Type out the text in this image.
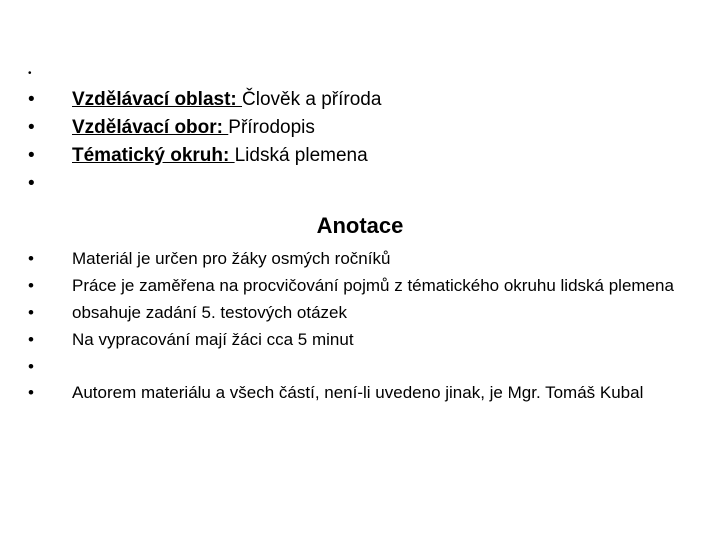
•
•	Vzdělávací oblast: Člověk a příroda
•	Vzdělávací obor: Přírodopis
•	Tématický okruh: Lidská plemena
•
Anotace
•	Materiál je určen pro žáky osmých ročníků
•	Práce je zaměřena na procvičování pojmů z tématického okruhu lidská plemena
•	obsahuje zadání 5. testových otázek
•	Na vypracování mají žáci cca 5 minut
•
•	Autorem materiálu a všech částí, není-li uvedeno jinak, je Mgr. Tomáš Kubal
